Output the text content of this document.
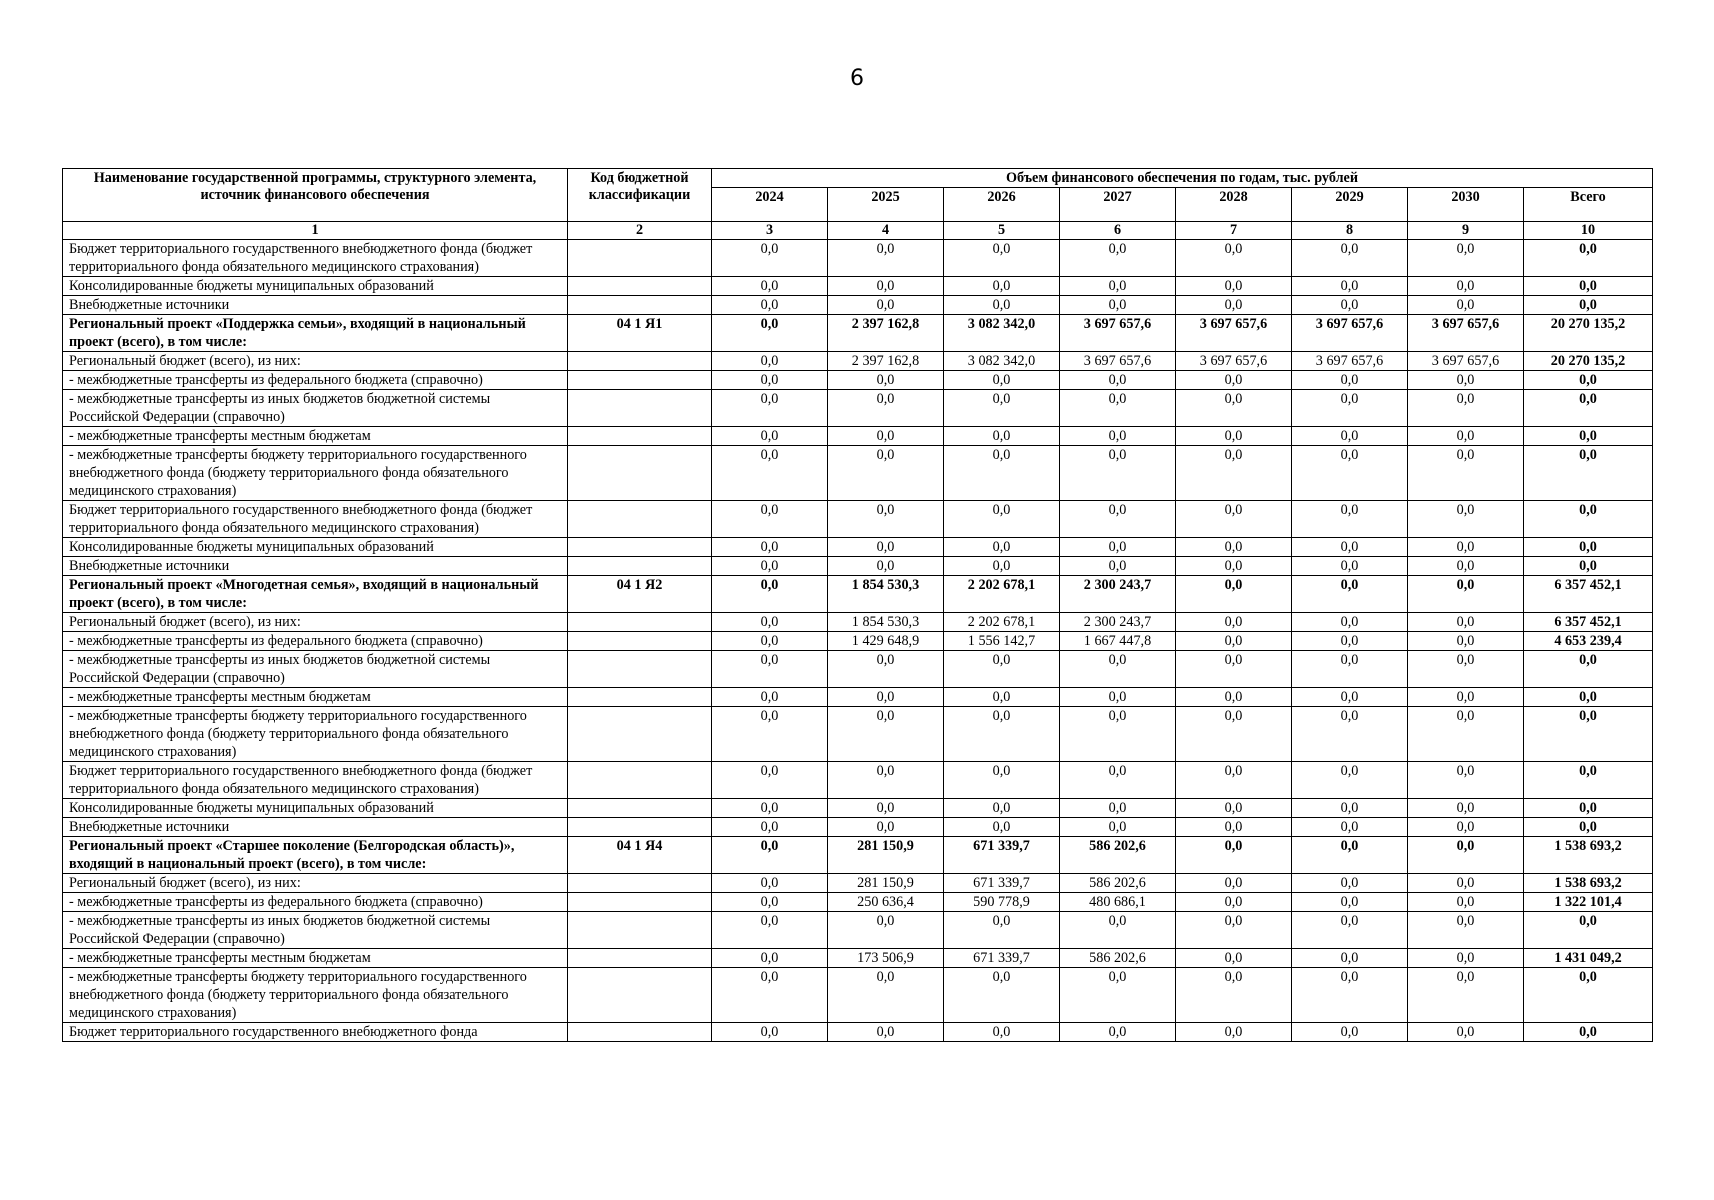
6
Наименование государственной программы, структурного элемента, источник финансового обеспечения	Код бюджетной классификации	Объем финансового обеспечения по годам, тыс. рублей							
		2024	2025	2026	2027	2028	2029	2030	Всего
1	2	3	4	5	6	7	8	9	10
Бюджет территориального государственного внебюджетного фонда (бюджет территориального фонда обязательного медицинского страхования)		0,0	0,0	0,0	0,0	0,0	0,0	0,0	0,0
Консолидированные бюджеты муниципальных образований		0,0	0,0	0,0	0,0	0,0	0,0	0,0	0,0
Внебюджетные источники		0,0	0,0	0,0	0,0	0,0	0,0	0,0	0,0
Региональный проект «Поддержка семьи», входящий в национальный проект (всего), в том числе:	04 1 Я1	0,0	2 397 162,8	3 082 342,0	3 697 657,6	3 697 657,6	3 697 657,6	3 697 657,6	20 270 135,2
Региональный бюджет (всего), из них:		0,0	2 397 162,8	3 082 342,0	3 697 657,6	3 697 657,6	3 697 657,6	3 697 657,6	20 270 135,2
- межбюджетные трансферты из федерального бюджета (справочно)		0,0	0,0	0,0	0,0	0,0	0,0	0,0	0,0
- межбюджетные трансферты из иных бюджетов бюджетной системы Российской Федерации (справочно)		0,0	0,0	0,0	0,0	0,0	0,0	0,0	0,0
- межбюджетные трансферты местным бюджетам		0,0	0,0	0,0	0,0	0,0	0,0	0,0	0,0
- межбюджетные трансферты бюджету территориального государственного внебюджетного фонда (бюджету территориального фонда обязательного медицинского страхования)		0,0	0,0	0,0	0,0	0,0	0,0	0,0	0,0
Бюджет территориального государственного внебюджетного фонда (бюджет территориального фонда обязательного медицинского страхования)		0,0	0,0	0,0	0,0	0,0	0,0	0,0	0,0
Консолидированные бюджеты муниципальных образований		0,0	0,0	0,0	0,0	0,0	0,0	0,0	0,0
Внебюджетные источники		0,0	0,0	0,0	0,0	0,0	0,0	0,0	0,0
Региональный проект «Многодетная семья», входящий в национальный проект (всего), в том числе:	04 1 Я2	0,0	1 854 530,3	2 202 678,1	2 300 243,7	0,0	0,0	0,0	6 357 452,1
Региональный бюджет (всего), из них:		0,0	1 854 530,3	2 202 678,1	2 300 243,7	0,0	0,0	0,0	6 357 452,1
- межбюджетные трансферты из федерального бюджета (справочно)		0,0	1 429 648,9	1 556 142,7	1 667 447,8	0,0	0,0	0,0	4 653 239,4
- межбюджетные трансферты из иных бюджетов бюджетной системы Российской Федерации (справочно)		0,0	0,0	0,0	0,0	0,0	0,0	0,0	0,0
- межбюджетные трансферты местным бюджетам		0,0	0,0	0,0	0,0	0,0	0,0	0,0	0,0
- межбюджетные трансферты бюджету территориального государственного внебюджетного фонда (бюджету территориального фонда обязательного медицинского страхования)		0,0	0,0	0,0	0,0	0,0	0,0	0,0	0,0
Бюджет территориального государственного внебюджетного фонда (бюджет территориального фонда обязательного медицинского страхования)		0,0	0,0	0,0	0,0	0,0	0,0	0,0	0,0
Консолидированные бюджеты муниципальных образований		0,0	0,0	0,0	0,0	0,0	0,0	0,0	0,0
Внебюджетные источники		0,0	0,0	0,0	0,0	0,0	0,0	0,0	0,0
Региональный проект «Старшее поколение (Белгородская область)», входящий в национальный проект (всего), в том числе:	04 1 Я4	0,0	281 150,9	671 339,7	586 202,6	0,0	0,0	0,0	1 538 693,2
Региональный бюджет (всего), из них:		0,0	281 150,9	671 339,7	586 202,6	0,0	0,0	0,0	1 538 693,2
- межбюджетные трансферты из федерального бюджета (справочно)		0,0	250 636,4	590 778,9	480 686,1	0,0	0,0	0,0	1 322 101,4
- межбюджетные трансферты из иных бюджетов бюджетной системы Российской Федерации (справочно)		0,0	0,0	0,0	0,0	0,0	0,0	0,0	0,0
- межбюджетные трансферты местным бюджетам		0,0	173 506,9	671 339,7	586 202,6	0,0	0,0	0,0	1 431 049,2
- межбюджетные трансферты бюджету территориального государственного внебюджетного фонда (бюджету территориального фонда обязательного медицинского страхования)		0,0	0,0	0,0	0,0	0,0	0,0	0,0	0,0
Бюджет территориального государственного внебюджетного фонда		0,0	0,0	0,0	0,0	0,0	0,0	0,0	0,0
